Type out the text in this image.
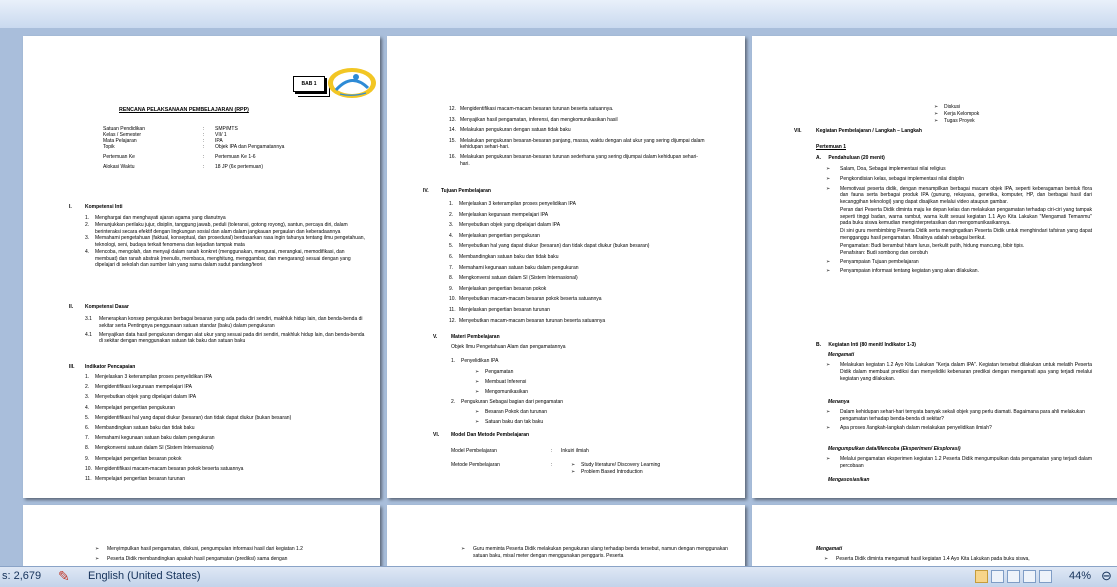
BAB 1
RENCANA PELAKSANAAN PEMBELAJARAN (RPP)
Satuan Pendidikan	: SMP/MTS
Kelas / Semester	: VII/ 1
Mata Pelajaran	: IPA
Topik	: Objek IPA dan Pengamatannya
Pertemuan Ke	: Pertemuan Ke 1-6
Alokasi Waktu	: 18 JP (6x pertemuan)
I.	Kompetensi Inti
1. Menghargai dan menghayati ajaran agama yang dianutnya
2. Menunjukkan perilaku jujur, disiplin, tanggung jawab, peduli (toleransi, gotong royong), santun, percaya diri, dalam berinteraksi secara efektif dengan lingkungan sosial dan alam dalam jangkauan pergaulan dan keberadaannya
3. Memahami pengetahuan (faktual, konseptual, dan prosedural) berdasarkan rasa ingin tahunya tentang ilmu pengetahuan, teknologi, seni, budaya terkait fenomena dan kejadian tampak mata
4. Mencoba, mengolah, dan menyaji dalam ranah konkret (menggunakan, mengurai, merangkai, memodifikasi, dan membuat) dan ranah abstrak (menulis, membaca, menghitung, menggambar, dan mengarang) sesuai dengan yang dipelajari di sekolah dan sumber lain yang sama dalam sudut pandang/teori
II. Kompetensi Dasar
3.1 Menerapkan konsep pengukuran berbagai besaran yang ada pada diri sendiri, makhluk hidup lain, dan benda-benda di sekitar serta Pentingnya penggunaan satuan standar (baku) dalam pengukuran
4.1 Menyajikan data hasil pengukuran dengan alat ukur yang sesuai pada diri sendiri, makhluk hidup lain, dan benda-benda di sekitar dengan menggunakan satuan tak baku dan satuan baku
III. Indikator Pencapaian
1. Menjelaskan 3 keterampilan proses penyelidikan IPA
2. Mengidentifikasi kegunaan mempelajari IPA
3. Menyebutkan objek yang dipelajari dalam IPA
4. Mempelajari pengertian pengukuran
5. Mengidentifikasi hal yang dapat diukur (besaran) dan tidak dapat diukur (bukan besaran)
6. Membandingkan satuan baku dan tidak baku
7. Memahami kegunaan satuan baku dalam pengukuran
8. Mengkonversi satuan dalam SI (Sistem Internasional)
9. Mempelajari pengertian besaran pokok
10. Mengidentifikasi macam-macam besaran pokok beserta satuannya
11. Mempelajari pengertian besaran turunan
12. Mengidentifikasi macam-macam besaran turunan beserta satuannya.
13. Menyajikan hasil pengamatan, inferensi, dan mengkomunikasikan hasil
14. Melakukan pengukuran dengan satuan tidak baku
15. Melakukan pengukuran besaran-besaran panjang, massa, waktu dengan alat ukur yang sering dijumpai dalam kehidupan sehari-hari.
16. Melakukan pengukuran besaran-besaran turunan sederhana yang sering dijumpai dalam kehidupan sehari-hari.
IV. Tujuan Pembelajaran
1. Menjelaskan 3 keterampilan proses penyelidikan IPA
2. Menjelaskan kegunaan mempelajari IPA
3. Menyebutkan objek yang dipelajari dalam IPA
4. Menjelaskan pengertian pengukuran
5. Menyebutkan hal yang dapat diukur (besaran) dan tidak dapat diukur (bukan besaran)
6. Membandingkan satuan baku dan tidak baku
7. Memahami kegunaan satuan baku dalam pengukuran
8. Mengkonversi satuan dalam SI (Sistem Internasional)
9. Menjelaskan pengertian besaran pokok
10. Menyebutkan macam-macam besaran pokok beserta satuannya
11. Menjelaskan pengertian besaran turunan
12. Menyebutkan macam-macam besaran turunan beserta satuannya
V.	Materi Pembelajaran
Objek Ilmu Pengetahuan Alam dan pengamatannya
1. Penyelidikan IPA
➢ Pengamatan
➢ Membuat Inferensi
➢ Mengomunikasikan
2. Pengukuran Sebagai bagian dari pengamatan
➢ Besaran Pokok dan turunan
➢ Satuan baku dan tak baku
VI. Model Dan Metode Pembelajaran
Model Pembelajaran	: Inkuiri ilmiah
Metode Pembelajaran	:	➢ Study literature/ Discovery Learning
➢ Problem Based Introduction
➢ Diskusi
➢ Kerja Kelompok
➢ Tugas Proyek
VII.	Kegiatan Pembelajaran / Langkah – Langkah
Pertemuan 1
A. Pendahuluan (20 menit)
➢ Salam, Doa, Sebagai implementasi nilai religius
➢ Pengkondisian kelas, sebagai implementasi nilai disiplin
➢ Memotivasi peserta didik, dengan menampilkan berbagai macam objek IPA, seperti keberagaman bentuk flora dan fauna serta berbagai produk IPA (gunung, rekayasa, genetika, komputer, HP, dan berbagai hasil dari kecanggihan teknologi) yang dapat disajikan melalui video ataupun gambar.
Peran dari Peserta Didik diminta maju ke depan kelas dan melakukan pengamatan terhadap ciri-ciri yang tampak seperti tinggi badan, warna rambut, warna kulit sesuai kegiatan 1.1 Ayo Kita Lakukan "Mengamati Temanmu" pada buku siswa kemudian menginterpretasikan dan mengomunikasikannya.
Di sini guru membimbing Peserta Didik serta mengingatkan Peserta Didik untuk menghindari tafsiran yang dapat mengganggu hasil pengamatan. Misalnya adalah sebagai berikut.
Pengamatan: Budi berambut hitam lurus, berkulit putih, hidung mancung, bibir tipis.
Penafsiran: Budi sombong dan cerobuh
➢ Penyampaian Tujuan pembelajaran
➢ Penyampaian informasi tentang kegiatan yang akan dilakukan.
B. Kegiatan Inti (80 menit/ Indikator 1-3)
Mengamati
➢ Melakukan kegiatan 1.2 Ayo Kita Lakukan "Kerja dalam IPA". Kegiatan tersebut dilakukan untuk melatih Peserta Didik dalam membuat prediksi dan menyelidiki kebenaran prediksi dengan mengamati apa yang terjadi melalui kegiatan yang dilakukan.
Menanya
➢ Dalam kehidupan sehari-hari ternyata banyak sekali objek yang perlu diamati. Bagaimana para ahli melakukan pengamatan terhadap benda-benda di sekitar?
➢ Apa proses /langkah-langkah dalam melakukan penyelidikan ilmiah?
Mengumpulkan data/Mencoba (Eksperimen/ Eksplorasi)
➢ Melalui pengamatan eksperimen kegiatan 1.2 Peserta Didik mengumpulkan data pengamatan yang terjadi dalam percobaan
Mengasosiasikan
➢ Menyimpulkan hasil pengamatan, diskusi, pengumpulan informasi hasil dari kegiatan 1.2
➢ Peserta Didik membandingkan apakah hasil pengamatan (prediksi) sama dengan
➢ Guru meminta Peserta Didik melakukan pengukuran ulang terhadap benda tersebut, namun dengan menggunakan satuan baku, misal meter dengan menggunakan penggaris. Peserta
Mengamati
➢ Peserta Didik diminta mengamati hasil kegiatan 1.4 Ayo Kita Lakukan pada buku siswa,
s: 2,679 ✎ English (United States)	44% ⊖
